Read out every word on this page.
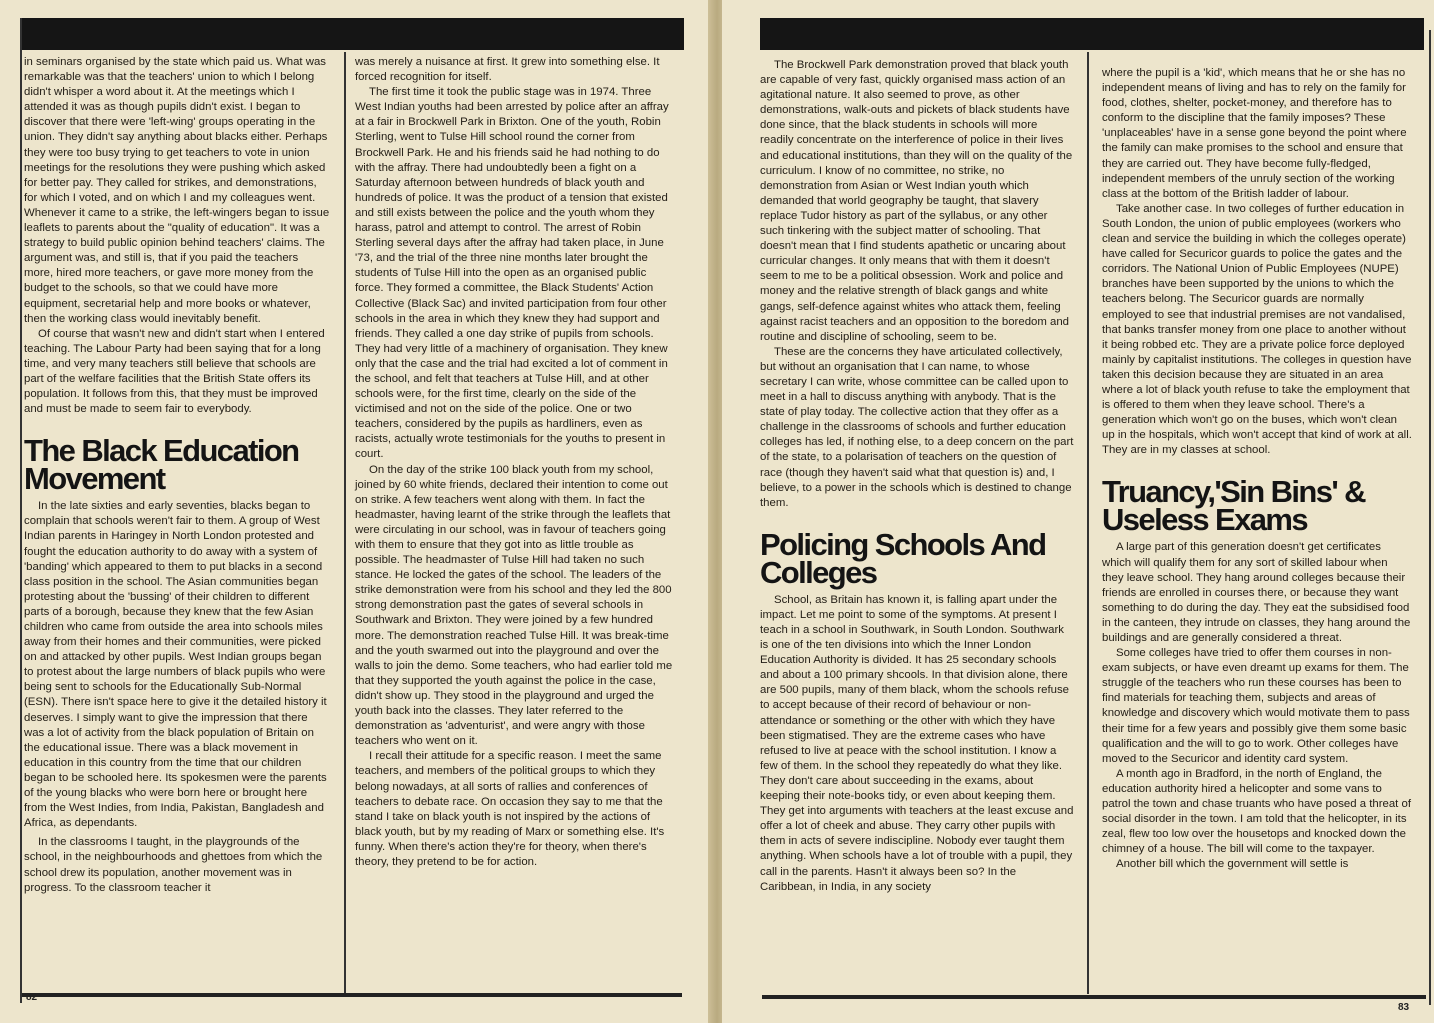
in seminars organised by the state which paid us. What was remarkable was that the teachers' union to which I belong didn't whisper a word about it. At the meetings which I attended it was as though pupils didn't exist. I began to discover that there were 'left-wing' groups operating in the union. They didn't say anything about blacks either. Perhaps they were too busy trying to get teachers to vote in union meetings for the resolutions they were pushing which asked for better pay. They called for strikes, and demonstrations, for which I voted, and on which I and my colleagues went. Whenever it came to a strike, the left-wingers began to issue leaflets to parents about the "quality of education". It was a strategy to build public opinion behind teachers' claims. The argument was, and still is, that if you paid the teachers more, hired more teachers, or gave more money from the budget to the schools, so that we could have more equipment, secretarial help and more books or whatever, then the working class would inevitably benefit.

Of course that wasn't new and didn't start when I entered teaching. The Labour Party had been saying that for a long time, and very many teachers still believe that schools are part of the welfare facilities that the British State offers its population. It follows from this, that they must be improved and must be made to seem fair to everybody.

The Black Education Movement

In the late sixties and early seventies, blacks began to complain that schools weren't fair to them. A group of West Indian parents in Haringey in North London protested and fought the education authority to do away with a system of 'banding' which appeared to them to put blacks in a second class position in the school. The Asian communities began protesting about the 'bussing' of their children to different parts of a borough, because they knew that the few Asian children who came from outside the area into schools miles away from their homes and their communities, were picked on and attacked by other pupils. West Indian groups began to protest about the large numbers of black pupils who were being sent to schools for the Educationally Sub-Normal (ESN). There isn't space here to give it the detailed history it deserves. I simply want to give the impression that there was a lot of activity from the black population of Britain on the educational issue. There was a black movement in education in this country from the time that our children began to be schooled here. Its spokesmen were the parents of the young blacks who were born here or brought here from the West Indies, from India, Pakistan, Bangladesh and Africa, as dependants.

In the classrooms I taught, in the playgrounds of the school, in the neighbourhoods and ghettoes from which the school drew its population, another movement was in progress. To the classroom teacher it

was merely a nuisance at first. It grew into something else. It forced recognition for itself.

The first time it took the public stage was in 1974. Three West Indian youths had been arrested by police after an affray at a fair in Brockwell Park in Brixton. One of the youth, Robin Sterling, went to Tulse Hill school round the corner from Brockwell Park. He and his friends said he had nothing to do with the affray. There had undoubtedly been a fight on a Saturday afternoon between hundreds of black youth and hundreds of police. It was the product of a tension that existed and still exists between the police and the youth whom they harass, patrol and attempt to control. The arrest of Robin Sterling several days after the affray had taken place, in June '73, and the trial of the three nine months later brought the students of Tulse Hill into the open as an organised public force. They formed a committee, the Black Students' Action Collective (Black Sac) and invited participation from four other schools in the area in which they knew they had support and friends. They called a one day strike of pupils from schools. They had very little of a machinery of organisation. They knew only that the case and the trial had excited a lot of comment in the school, and felt that teachers at Tulse Hill, and at other schools were, for the first time, clearly on the side of the victimised and not on the side of the police. One or two teachers, considered by the pupils as hardliners, even as racists, actually wrote testimonials for the youths to present in court.

On the day of the strike 100 black youth from my school, joined by 60 white friends, declared their intention to come out on strike. A few teachers went along with them. In fact the headmaster, having learnt of the strike through the leaflets that were circulating in our school, was in favour of teachers going with them to ensure that they got into as little trouble as possible. The headmaster of Tulse Hill had taken no such stance. He locked the gates of the school. The leaders of the strike demonstration were from his school and they led the 800 strong demonstration past the gates of several schools in Southwark and Brixton. They were joined by a few hundred more. The demonstration reached Tulse Hill. It was break-time and the youth swarmed out into the playground and over the walls to join the demo. Some teachers, who had earlier told me that they supported the youth against the police in the case, didn't show up. They stood in the playground and urged the youth back into the classes. They later referred to the demonstration as 'adventurist', and were angry with those teachers who went on it.

I recall their attitude for a specific reason. I meet the same teachers, and members of the political groups to which they belong nowadays, at all sorts of rallies and conferences of teachers to debate race. On occasion they say to me that the stand I take on black youth is not inspired by the actions of black youth, but by my reading of Marx or something else. It's funny. When there's action they're for theory, when there's theory, they pretend to be for action.

82

The Brockwell Park demonstration proved that black youth are capable of very fast, quickly organised mass action of an agitational nature. It also seemed to prove, as other demonstrations, walk-outs and pickets of black students have done since, that the black students in schools will more readily concentrate on the interference of police in their lives and educational institutions, than they will on the quality of the curriculum. I know of no committee, no strike, no demonstration from Asian or West Indian youth which demanded that world geography be taught, that slavery replace Tudor history as part of the syllabus, or any other such tinkering with the subject matter of schooling. That doesn't mean that I find students apathetic or uncaring about curricular changes. It only means that with them it doesn't seem to me to be a political obsession. Work and police and money and the relative strength of black gangs and white gangs, self-defence against whites who attack them, feeling against racist teachers and an opposition to the boredom and routine and discipline of schooling, seem to be.

These are the concerns they have articulated collectively, but without an organisation that I can name, to whose secretary I can write, whose committee can be called upon to meet in a hall to discuss anything with anybody. That is the state of play today. The collective action that they offer as a challenge in the classrooms of schools and further education colleges has led, if nothing else, to a deep concern on the part of the state, to a polarisation of teachers on the question of race (though they haven't said what that question is) and, I believe, to a power in the schools which is destined to change them.

Policing Schools And Colleges

School, as Britain has known it, is falling apart under the impact. Let me point to some of the symptoms. At present I teach in a school in Southwark, in South London. Southwark is one of the ten divisions into which the Inner London Education Authority is divided. It has 25 secondary schools and about a 100 primary shcools. In that division alone, there are 500 pupils, many of them black, whom the schools refuse to accept because of their record of behaviour or non-attendance or something or the other with which they have been stigmatised. They are the extreme cases who have refused to live at peace with the school institution. I know a few of them. In the school they repeatedly do what they like. They don't care about succeeding in the exams, about keeping their note-books tidy, or even about keeping them. They get into arguments with teachers at the least excuse and offer a lot of cheek and abuse. They carry other pupils with them in acts of severe indiscipline. Nobody ever taught them anything. When schools have a lot of trouble with a pupil, they call in the parents. Hasn't it always been so? In the Caribbean, in India, in any society

where the pupil is a 'kid', which means that he or she has no independent means of living and has to rely on the family for food, clothes, shelter, pocket-money, and therefore has to conform to the discipline that the family imposes? These 'unplaceables' have in a sense gone beyond the point where the family can make promises to the school and ensure that they are carried out. They have become fully-fledged, independent members of the unruly section of the working class at the bottom of the British ladder of labour.

Take another case. In two colleges of further education in South London, the union of public employees (workers who clean and service the building in which the colleges operate) have called for Securicor guards to police the gates and the corridors. The National Union of Public Employees (NUPE) branches have been supported by the unions to which the teachers belong. The Securicor guards are normally employed to see that industrial premises are not vandalised, that banks transfer money from one place to another without it being robbed etc. They are a private police force deployed mainly by capitalist institutions. The colleges in question have taken this decision because they are situated in an area where a lot of black youth refuse to take the employment that is offered to them when they leave school. There's a generation which won't go on the buses, which won't clean up in the hospitals, which won't accept that kind of work at all. They are in my classes at school.

Truancy,'Sin Bins' & Useless Exams

A large part of this generation doesn't get certificates which will qualify them for any sort of skilled labour when they leave school. They hang around colleges because their friends are enrolled in courses there, or because they want something to do during the day. They eat the subsidised food in the canteen, they intrude on classes, they hang around the buildings and are generally considered a threat.

Some colleges have tried to offer them courses in non-exam subjects, or have even dreamt up exams for them. The struggle of the teachers who run these courses has been to find materials for teaching them, subjects and areas of knowledge and discovery which would motivate them to pass their time for a few years and possibly give them some basic qualification and the will to go to work. Other colleges have moved to the Securicor and identity card system.

A month ago in Bradford, in the north of England, the education authority hired a helicopter and some vans to patrol the town and chase truants who have posed a threat of social disorder in the town. I am told that the helicopter, in its zeal, flew too low over the housetops and knocked down the chimney of a house. The bill will come to the taxpayer.

Another bill which the government will settle is

83
